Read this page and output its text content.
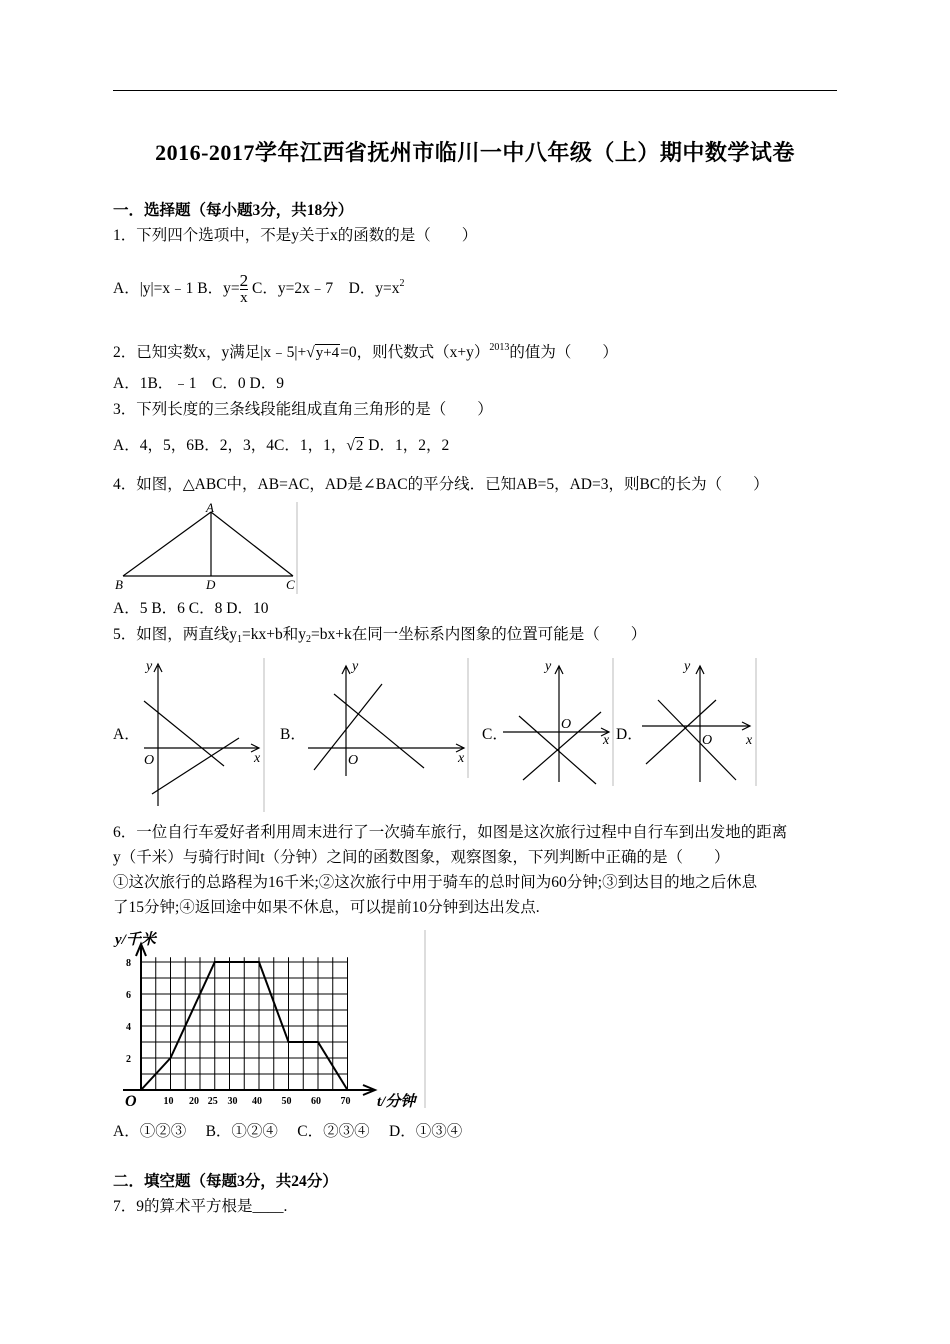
2016-2017学年江西省抚州市临川一中八年级（上）期中数学试卷
一．选择题（每小题3分，共18分）
1．下列四个选项中，不是y关于x的函数的是（　　）
A．|y|=x﹣1 B．$y= \frac{2}{x}$ C．y=2x﹣7　D．$y=x^2$
2．已知实数x，y满足|x﹣5|+√y+4=0，则代数式$(x+y)^{2013}$的值为（　　）
A．1B．﹣1　C．0 D．9
3．下列长度的三条线段能组成直角三角形的是（　　）
A．4，5，6B．2，3，4C．1，1，√2 D．1，2，2
4．如图，△ABC中，AB=AC，AD是∠BAC的平分线．已知AB=5，AD=3，则BC的长为（　　）
A
B	D	C
A．5 B．6 C．8 D．10
5．如图，两直线$y_1=kx+b$和$y_2=bx+k$在同一坐标系内图象的位置可能是（　　）
A．
y
x
O
B．
y
x
O
C．
y
x
O
D．
y
x
O
6．一位自行车爱好者利用周末进行了一次骑车旅行，如图是这次旅行过程中自行车到出发地的距离
y（千米）与骑行时间t（分钟）之间的函数图象，观察图象，下列判断中正确的是（　　）
①这次旅行的总路程为16千米;②这次旅行中用于骑车的总时间为60分钟;③到达目的地之后休息
了15分钟;④返回途中如果不休息，可以提前10分钟到达出发点.
y/千米
t/分钟
O	10 20 25 30 40 50 60 70
2
4
6
8
A．①②③　 B．①②④　 C．②③④　 D．①③④
二．填空题（每题3分，共24分）
7．9的算术平方根是____.
